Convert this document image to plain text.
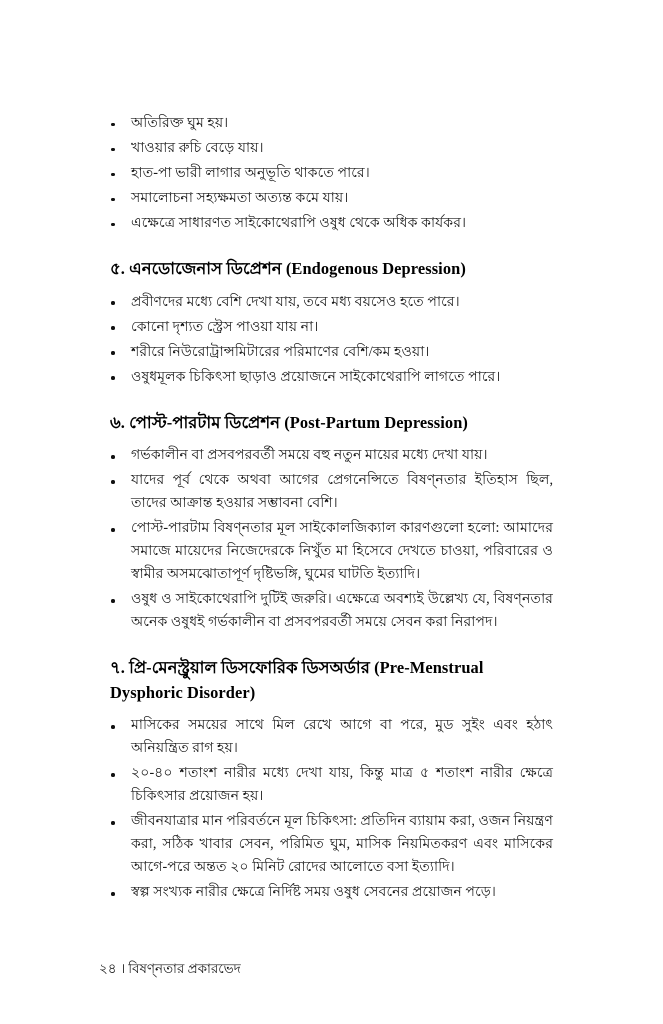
অতিরিক্ত ঘুম হয়।
খাওয়ার রুচি বেড়ে যায়।
হাত-পা ভারী লাগার অনুভূতি থাকতে পারে।
সমালোচনা সহ্যক্ষমতা অত্যন্ত কমে যায়।
এক্ষেত্রে সাধারণত সাইকোথেরাপি ওষুধ থেকে অধিক কার্যকর।
৫. এনডোজেনাস ডিপ্রেশন (Endogenous Depression)
প্রবীণদের মধ্যে বেশি দেখা যায়, তবে মধ্য বয়সেও হতে পারে।
কোনো দৃশ্যত স্ট্রেস পাওয়া যায় না।
শরীরে নিউরোট্রান্সমিটারের পরিমাণের বেশি/কম হওয়া।
ওষুধমূলক চিকিৎসা ছাড়াও প্রয়োজনে সাইকোথেরাপি লাগতে পারে।
৬. পোস্ট-পারটাম ডিপ্রেশন (Post-Partum Depression)
গর্ভকালীন বা প্রসবপরবর্তী সময়ে বহু নতুন মায়ের মধ্যে দেখা যায়।
যাদের পূর্ব থেকে অথবা আগের প্রেগনেন্সিতে বিষণ্নতার ইতিহাস ছিল, তাদের আক্রান্ত হওয়ার সম্ভাবনা বেশি।
পোস্ট-পারটাম বিষণ্নতার মূল সাইকোলজিক্যাল কারণগুলো হলো: আমাদের সমাজে মায়েদের নিজেদেরকে নিখুঁত মা হিসেবে দেখতে চাওয়া, পরিবারের ও স্বামীর অসমঝোতাপূর্ণ দৃষ্টিভঙ্গি, ঘুমের ঘাটতি ইত্যাদি।
ওষুধ ও সাইকোথেরাপি দুটিই জরুরি। এক্ষেত্রে অবশ্যই উল্লেখ্য যে, বিষণ্নতার অনেক ওষুধই গর্ভকালীন বা প্রসবপরবর্তী সময়ে সেবন করা নিরাপদ।
৭. প্রি-মেনস্ট্রুয়াল ডিসফোরিক ডিসঅর্ডার (Pre-Menstrual Dysphoric Disorder)
মাসিকের সময়ের সাথে মিল রেখে আগে বা পরে, মুড সুইং এবং হঠাৎ অনিয়ন্ত্রিত রাগ হয়।
২০-৪০ শতাংশ নারীর মধ্যে দেখা যায়, কিন্তু মাত্র ৫ শতাংশ নারীর ক্ষেত্রে চিকিৎসার প্রয়োজন হয়।
জীবনযাত্রার মান পরিবর্তনে মূল চিকিৎসা: প্রতিদিন ব্যায়াম করা, ওজন নিয়ন্ত্রণ করা, সঠিক খাবার সেবন, পরিমিত ঘুম, মাসিক নিয়মিতকরণ এবং মাসিকের আগে-পরে অন্তত ২০ মিনিট রোদের আলোতে বসা ইত্যাদি।
স্বল্প সংখ্যক নারীর ক্ষেত্রে নির্দিষ্ট সময় ওষুধ সেবনের প্রয়োজন পড়ে।
২৪ । বিষণ্নতার প্রকারভেদ
